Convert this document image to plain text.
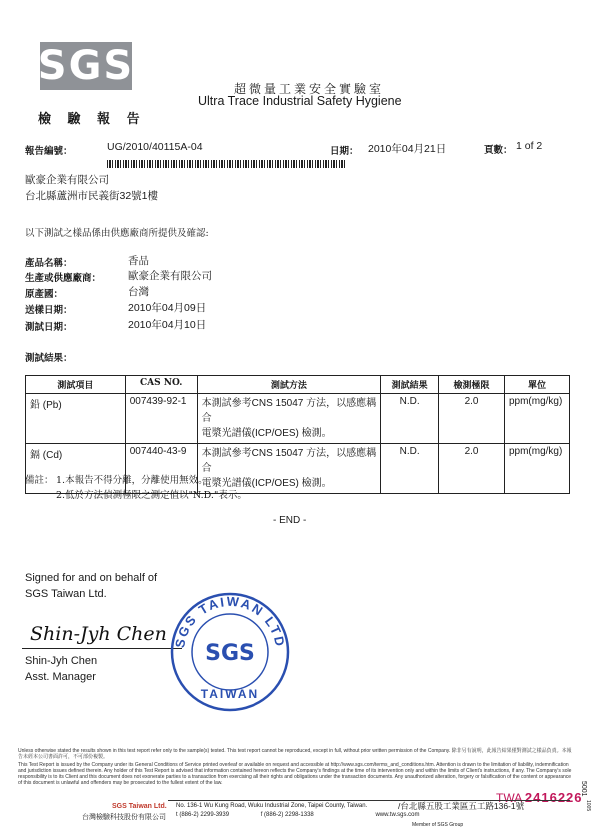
SGS	超微量工業安全實驗室
Ultra Trace Industrial Safety Hygiene
檢 驗 報 告
報告編號：	UG/2010/40115A-04	日期： 2010年04月21日	頁數： 1 of 2
歐豪企業有限公司
台北縣蘆洲市民義街32號1樓
以下測試之樣品係由供應廠商所提供及確認:
產品名稱：	香品
生產或供應廠商：	歐豪企業有限公司
原產國：	台灣
送樣日期：	2010年04月09日
測試日期：	2010年04月10日
測試結果：
測試項目	CAS NO.	測試方法	測試結果	檢測極限	單位
鉛 (Pb)	007439-92-1	本測試參考CNS 15047 方法，以感應耦合
電漿光譜儀(ICP/OES) 檢測。	N.D.	2.0	ppm(mg/kg)
鎘 (Cd)	007440-43-9	本測試參考CNS 15047 方法，以感應耦合
電漿光譜儀(ICP/OES) 檢測。	N.D.	2.0	ppm(mg/kg)
備註： 1.本報告不得分離，分離使用無效。
2.低於方法偵測極限之測定值以"N.D."表示。
- END -
Signed for and on behalf of
SGS Taiwan Ltd.
Shin-Jyh Chen
Shin-Jyh Chen
Asst. Manager
SGS TAIWAN LTD
SGS
TAIWAN
Unless otherwise stated the results shown in this test report refer only to the sample(s) tested. This test report cannot be reproduced, except in full, without prior written permission of the Company. 除非另有說明，此報告結果僅對測試之樣品負責。本報告未經本公司書面許可，不可部份複製。
This Test Report is issued by the Company under its General Conditions of Service printed overleaf or available on request and accessible at http://www.sgs.com/terms_and_conditions.htm. Attention is drawn to the limitation of liability, indemnification and jurisdiction issues defined therein. Any holder of this Test Report is advised that information contained hereon reflects the Company's findings at the time of its intervention only and within the limits of Client's instructions, if any. The Company's sole responsibility is to its Client and this document does not exonerate parties to a transaction from exercising all their rights and obligations under the transaction documents. Any unauthorized alteration, forgery or falsification of the content or appearance of this document is unlawful and offenders may be prosecuted to the fullest extent of the law.
TWA 2416226
SGS Taiwan Ltd. No. 136-1 Wu Kung Road, Wuku Industrial Zone, Taipei County, Taiwan.	/台北縣五股工業區五工路136-1號
台灣檢驗科技股份有限公司 t (886-2) 2299-3939	f (886-2) 2298-1338	www.tw.sgs.com
Member of SGS Group
5001
1005
